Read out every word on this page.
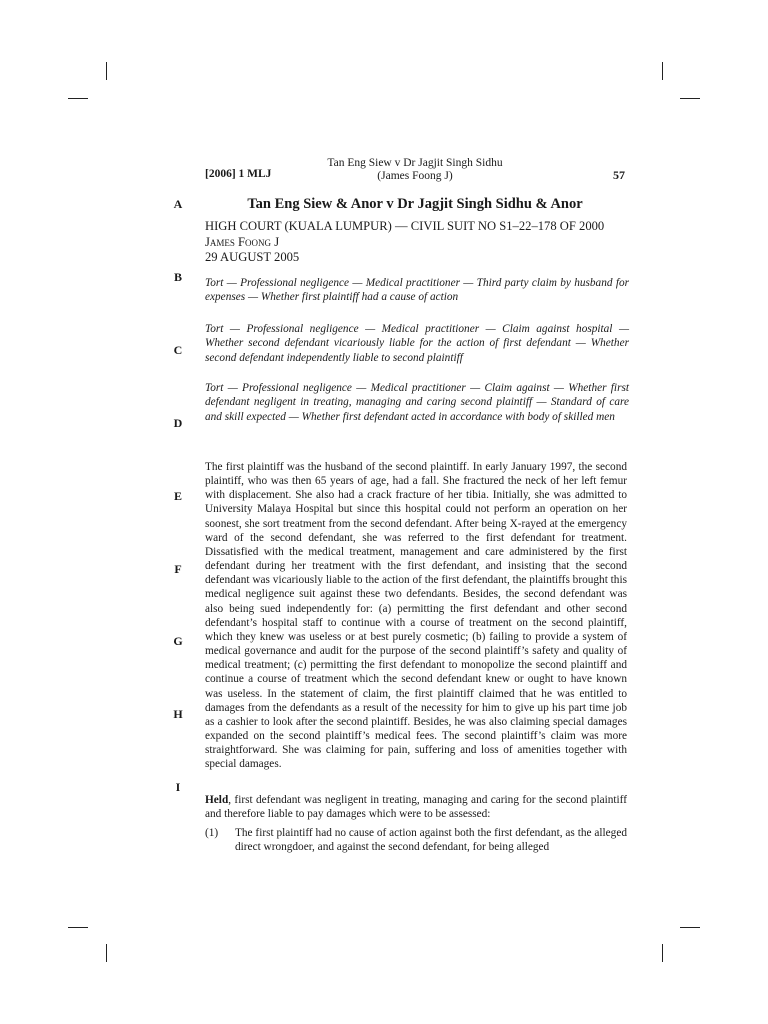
[2006] 1 MLJ
Tan Eng Siew v Dr Jagjit Singh Sidhu
(James Foong J)	57
A
B
C
D
E
F
G
H
I
Tan Eng Siew & Anor v Dr Jagjit Singh Sidhu & Anor
HIGH COURT (KUALA LUMPUR) — CIVIL SUIT NO S1–22–178 OF 2000
James Foong J
29 AUGUST 2005
Tort — Professional negligence — Medical practitioner — Third party claim by husband for expenses — Whether first plaintiff had a cause of action
Tort — Professional negligence — Medical practitioner — Claim against hospital — Whether second defendant vicariously liable for the action of first defendant — Whether second defendant independently liable to second plaintiff
Tort — Professional negligence — Medical practitioner — Claim against — Whether first defendant negligent in treating, managing and caring second plaintiff — Standard of care and skill expected — Whether first defendant acted in accordance with body of skilled men
The first plaintiff was the husband of the second plaintiff. In early January 1997, the second plaintiff, who was then 65 years of age, had a fall. She fractured the neck of her left femur with displacement. She also had a crack fracture of her tibia. Initially, she was admitted to University Malaya Hospital but since this hospital could not perform an operation on her soonest, she sort treatment from the second defendant. After being X-rayed at the emergency ward of the second defendant, she was referred to the first defendant for treatment. Dissatisfied with the medical treatment, management and care administered by the first defendant during her treatment with the first defendant, and insisting that the second defendant was vicariously liable to the action of the first defendant, the plaintiffs brought this medical negligence suit against these two defendants. Besides, the second defendant was also being sued independently for: (a) permitting the first defendant and other second defendant’s hospital staff to continue with a course of treatment on the second plaintiff, which they knew was useless or at best purely cosmetic; (b) failing to provide a system of medical governance and audit for the purpose of the second plaintiff’s safety and quality of medical treatment; (c) permitting the first defendant to monopolize the second plaintiff and continue a course of treatment which the second defendant knew or ought to have known was useless. In the statement of claim, the first plaintiff claimed that he was entitled to damages from the defendants as a result of the necessity for him to give up his part time job as a cashier to look after the second plaintiff. Besides, he was also claiming special damages expanded on the second plaintiff’s medical fees. The second plaintiff’s claim was more straightforward. She was claiming for pain, suffering and loss of amenities together with special damages.
Held, first defendant was negligent in treating, managing and caring for the second plaintiff and therefore liable to pay damages which were to be assessed:
(1) The first plaintiff had no cause of action against both the first defendant, as the alleged direct wrongdoer, and against the second defendant, for being alleged
